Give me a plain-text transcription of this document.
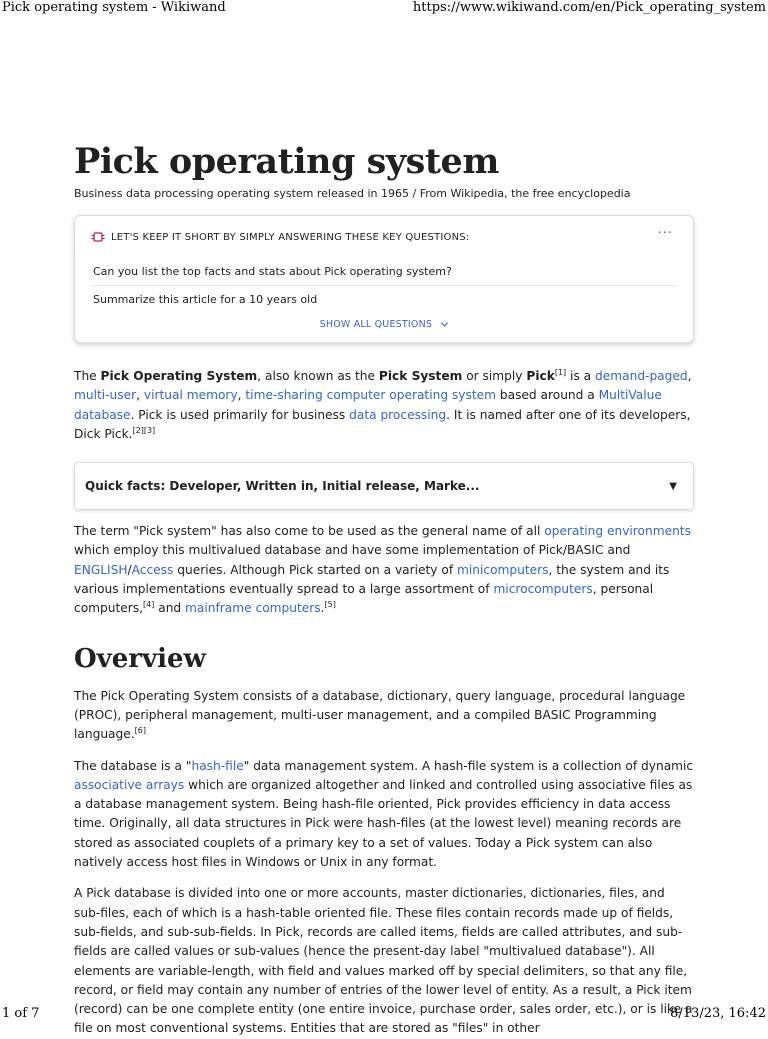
Pick operating system - Wikiwand	https://www.wikiwand.com/en/Pick_operating_system
Pick operating system
Business data processing operating system released in 1965 / From Wikipedia, the free encyclopedia
LET'S KEEP IT SHORT BY SIMPLY ANSWERING THESE KEY QUESTIONS:	···
Can you list the top facts and stats about Pick operating system?
Summarize this article for a 10 years old
SHOW ALL QUESTIONS

The Pick Operating System, also known as the Pick System or simply Pick[1] is a demand-paged, multi-user, virtual memory, time-sharing computer operating system based around a MultiValue database. Pick is used primarily for business data processing. It is named after one of its developers, Dick Pick.[2][3]

Quick facts: Developer, Written in, Initial release, Marke...	▼

The term "Pick system" has also come to be used as the general name of all operating environments which employ this multivalued database and have some implementation of Pick/BASIC and ENGLISH/Access queries. Although Pick started on a variety of minicomputers, the system and its various implementations eventually spread to a large assortment of microcomputers, personal computers,[4] and mainframe computers.[5]

Overview

The Pick Operating System consists of a database, dictionary, query language, procedural language (PROC), peripheral management, multi-user management, and a compiled BASIC Programming language.[6]

The database is a "hash-file" data management system. A hash-file system is a collection of dynamic associative arrays which are organized altogether and linked and controlled using associative files as a database management system. Being hash-file oriented, Pick provides efficiency in data access time. Originally, all data structures in Pick were hash-files (at the lowest level) meaning records are stored as associated couplets of a primary key to a set of values. Today a Pick system can also natively access host files in Windows or Unix in any format.

A Pick database is divided into one or more accounts, master dictionaries, dictionaries, files, and sub-files, each of which is a hash-table oriented file. These files contain records made up of fields, sub-fields, and sub-sub-fields. In Pick, records are called items, fields are called attributes, and sub-fields are called values or sub-values (hence the present-day label "multivalued database"). All elements are variable-length, with field and values marked off by special delimiters, so that any file, record, or field may contain any number of entries of the lower level of entity. As a result, a Pick item (record) can be one complete entity (one entire invoice, purchase order, sales order, etc.), or is like a file on most conventional systems. Entities that are stored as "files" in other

1 of 7	8/13/23, 16:42
